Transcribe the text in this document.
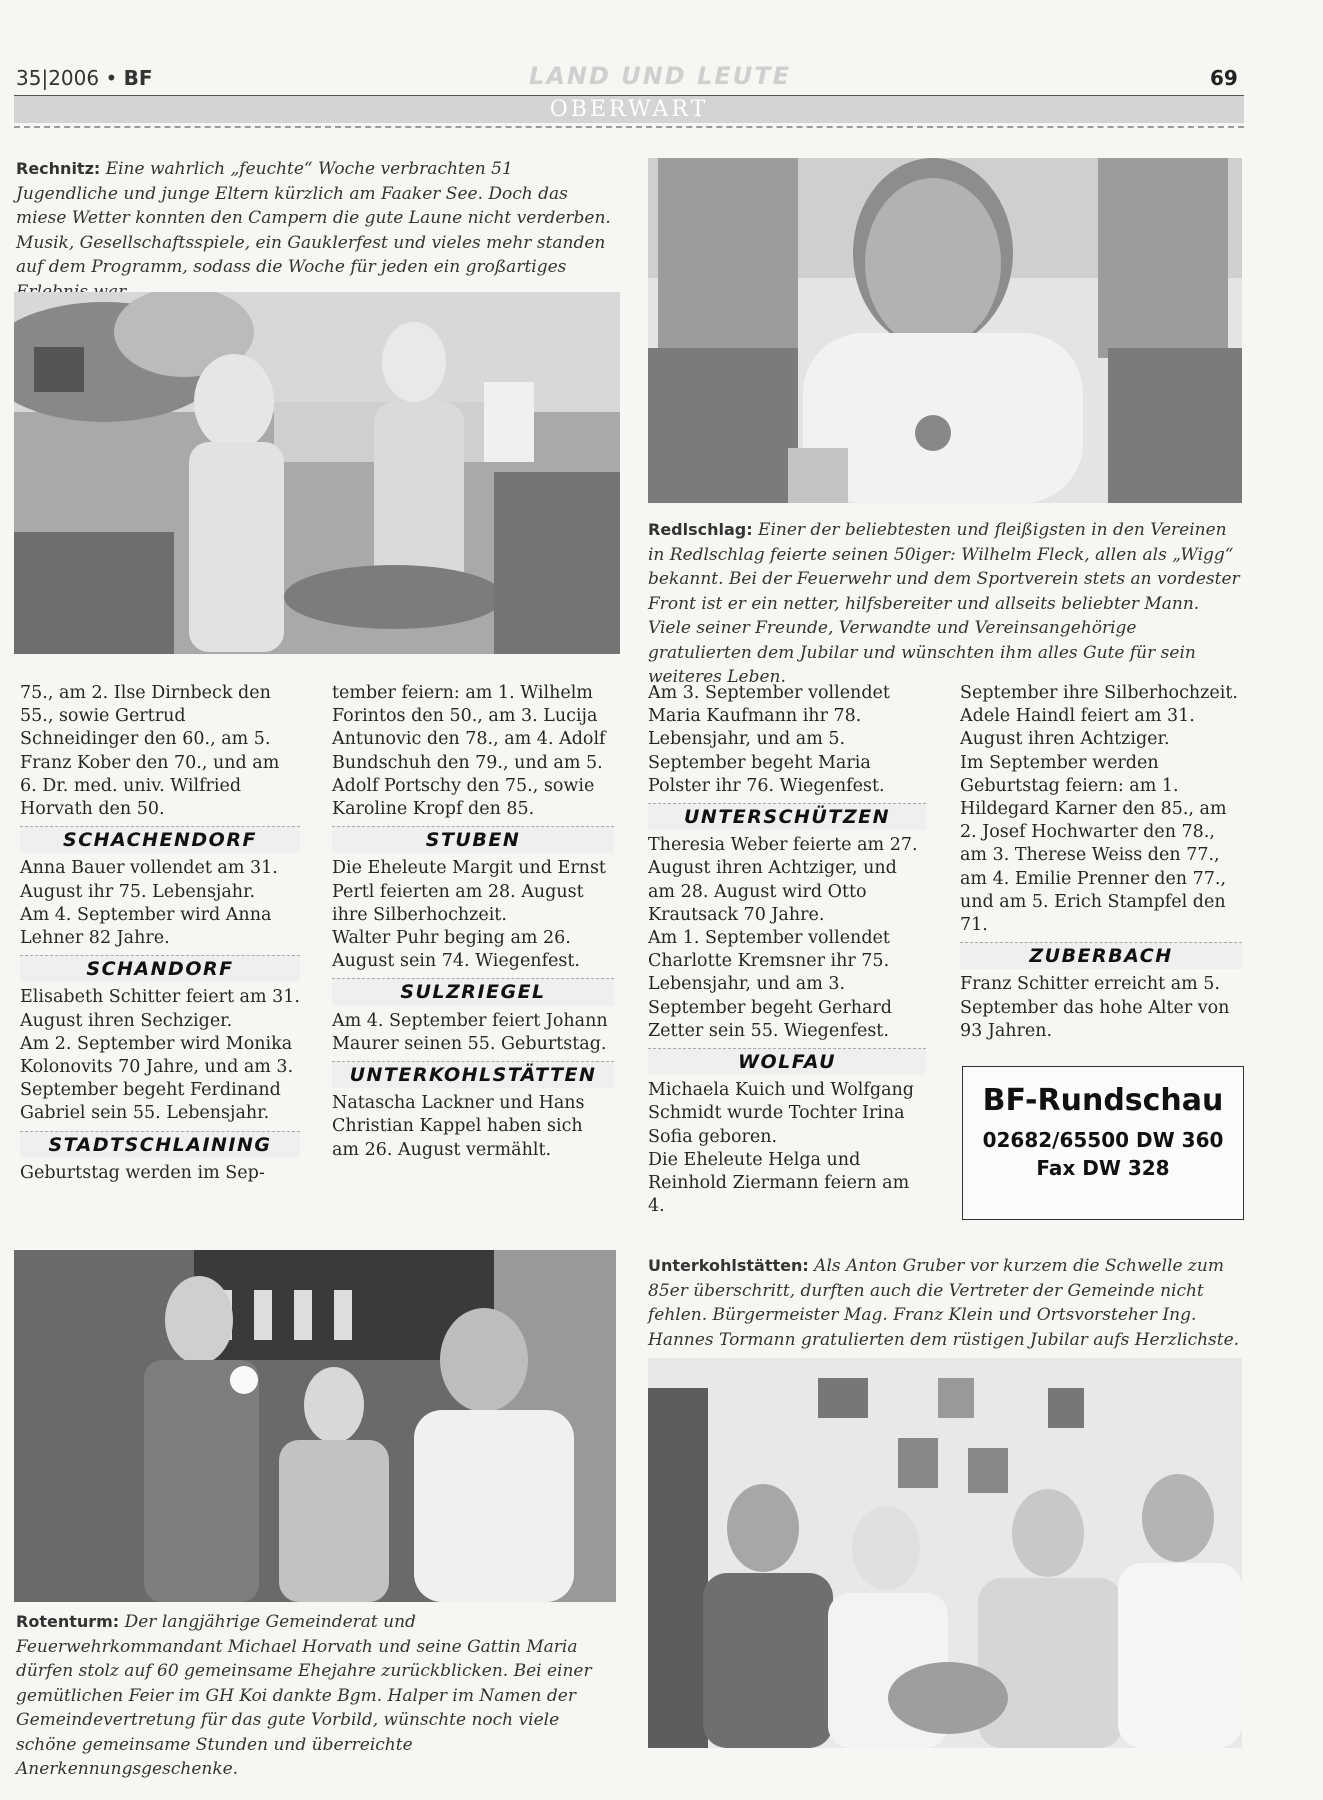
35|2006 • BF	LAND UND LEUTE	69
OBERWART
Rechnitz: Eine wahrlich „feuchte“ Woche verbrachten 51 Jugendliche und junge Eltern kürzlich am Faaker See. Doch das miese Wetter konnten den Campern die gute Laune nicht verderben. Musik, Gesellschaftsspiele, ein Gauklerfest und vieles mehr standen auf dem Programm, sodass die Woche für jeden ein großartiges
Redlschlag: Einer der beliebtesten und fleißigsten in den Vereinen in Redlschlag feierte seinen 50iger: Wilhelm Fleck, allen als „Wigg“ bekannt. Bei der Feuerwehr und dem Sportverein stets an vordester Front ist er ein netter, hilfsbereiter und allseits beliebter Mann. Viele seiner Freunde, Verwandte und Vereinsangehörige gratulierten dem Jubilar und wünschten ihm alles Gute für sein weiteres Leben.

75., am 2. Ilse Dirnbeck den 55., sowie Gertrud Schneidinger den 60., am 5. Franz Kober den 70., und am 6. Dr. med. univ. Wilfried Horvath den 50.

SCHACHENDORF

Anna Bauer vollendet am 31. August ihr 75. Lebensjahr.

Am 4. September wird Anna Lehner 82 Jahre.

SCHANDORF

Elisabeth Schitter feiert am 31. August ihren Sechziger.

Am 2. September wird Monika Kolonovits 70 Jahre, und am 3. September begeht Ferdinand Gabriel sein 55. Lebensjahr.

STADTSCHLAINING

Geburtstag werden im Sep-

tember feiern: am 1. Wilhelm Forintos den 50., am 3. Lucija Antunovic den 78., am 4. Adolf Bundschuh den 79., und am 5. Adolf Portschy den 75., sowie Karoline Kropf den 85.

STUBEN

Die Eheleute Margit und Ernst Pertl feierten am 28. August ihre Silberhochzeit.

Walter Puhr beging am 26. August sein 74. Wiegenfest.

SULZRIEGEL

Am 4. September feiert Johann Maurer seinen 55. Geburtstag.

UNTERKOHLSTÄTTEN

Natascha Lackner und Hans Christian Kappel haben sich am 26. August vermählt.

Am 3. September vollendet Maria Kaufmann ihr 78. Lebensjahr, und am 5. September begeht Maria Polster ihr 76. Wiegenfest.

UNTERSCHÜTZEN

Theresia Weber feierte am 27. August ihren Achtziger, und am 28. August wird Otto Krautsack 70 Jahre.

Am 1. September vollendet Charlotte Kremsner ihr 75. Lebensjahr, und am 3. September begeht Gerhard Zetter sein 55. Wiegenfest.

WOLFAU

Michaela Kuich und Wolfgang Schmidt wurde Tochter Irina Sofia geboren.

Die Eheleute Helga und Reinhold Ziermann feiern am 4.

September ihre Silberhochzeit.

Adele Haindl feiert am 31. August ihren Achtziger.

Im September werden Geburtstag feiern: am 1. Hildegard Karner den 85., am 2. Josef Hochwarter den 78., am 3. Therese Weiss den 77., am 4. Emilie Prenner den 77., und am 5. Erich Stampfel den 71.

ZUBERBACH

Franz Schitter erreicht am 5. September das hohe Alter von 93 Jahren.

BF-Rundschau
02682/65500 DW 360
Fax DW 328
Rotenturm: Der langjährige Gemeinderat und Feuerwehrkommandant Michael Horvath und seine Gattin Maria dürfen stolz auf 60 gemeinsame Ehejahre zurückblicken. Bei einer gemütlichen Feier im GH Koi dankte Bgm. Halper im Namen der Gemeindevertretung für das gute Vorbild, wünschte noch viele schöne gemeinsame Stunden und überreichte Anerkennungsgeschenke.
Unterkohlstätten: Als Anton Gruber vor kurzem die Schwelle zum 85er überschritt, durften auch die Vertreter der Gemeinde nicht fehlen. Bürgermeister Mag. Franz Klein und Ortsvorsteher Ing. Hannes Tormann gratulierten dem rüstigen Jubilar aufs Herzlichste.
